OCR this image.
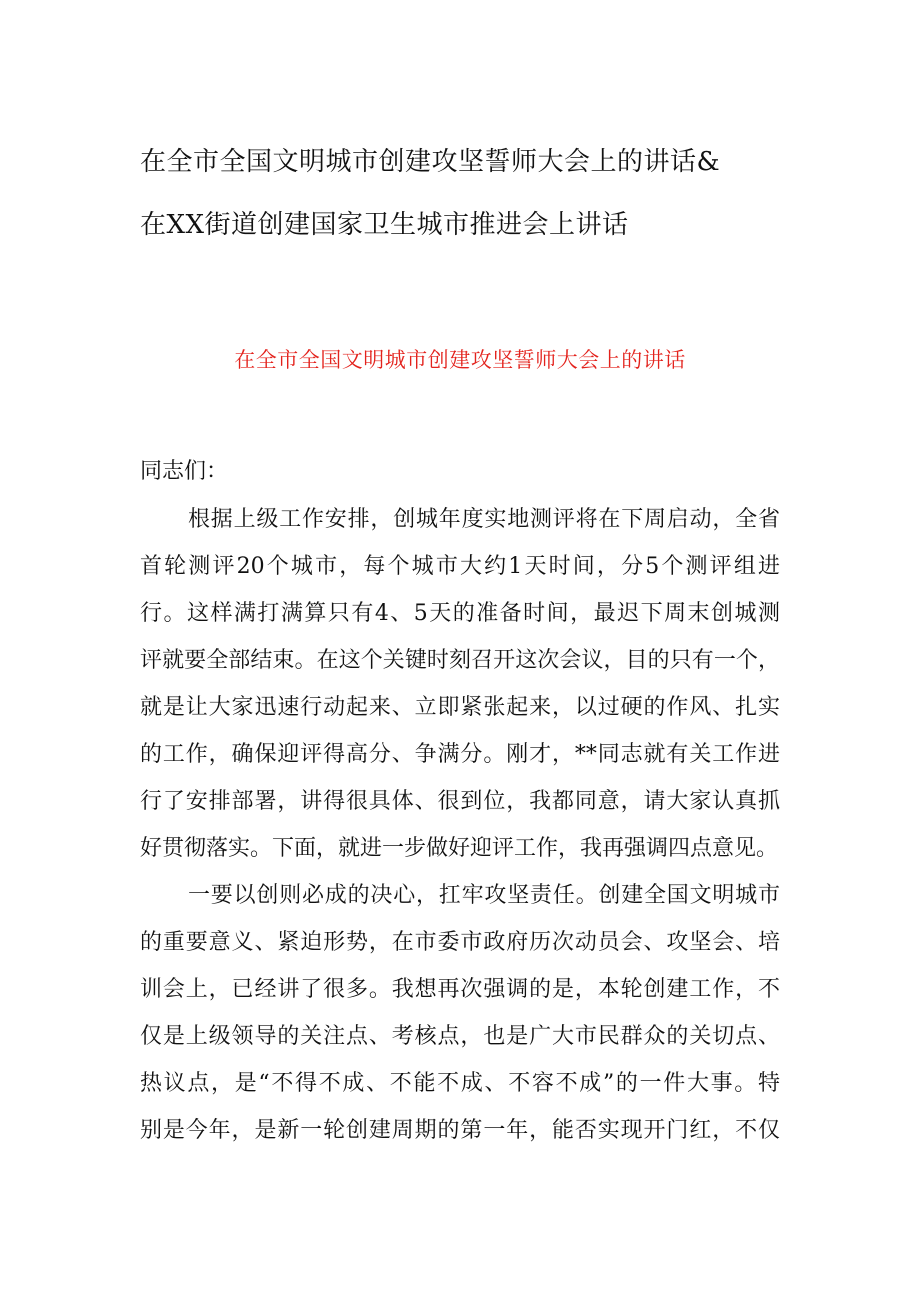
在全市全国文明城市创建攻坚誓师大会上的讲话&
在XX街道创建国家卫生城市推进会上讲话
在全市全国文明城市创建攻坚誓师大会上的讲话
同志们：
根据上级工作安排，创城年度实地测评将在下周启动，全省
首轮测评20个城市，每个城市大约1天时间，分5个测评组进
行。这样满打满算只有4、5天的准备时间，最迟下周末创城测
评就要全部结束。在这个关键时刻召开这次会议，目的只有一个，
就是让大家迅速行动起来、立即紧张起来，以过硬的作风、扎实
的工作，确保迎评得高分、争满分。刚才，**同志就有关工作进
行了安排部署，讲得很具体、很到位，我都同意，请大家认真抓
好贯彻落实。下面，就进一步做好迎评工作，我再强调四点意见。
一要以创则必成的决心，扛牢攻坚责任。创建全国文明城市
的重要意义、紧迫形势，在市委市政府历次动员会、攻坚会、培
训会上，已经讲了很多。我想再次强调的是，本轮创建工作，不
仅是上级领导的关注点、考核点，也是广大市民群众的关切点、
热议点，是“不得不成、不能不成、不容不成”的一件大事。特
别是今年，是新一轮创建周期的第一年，能否实现开门红，不仅
